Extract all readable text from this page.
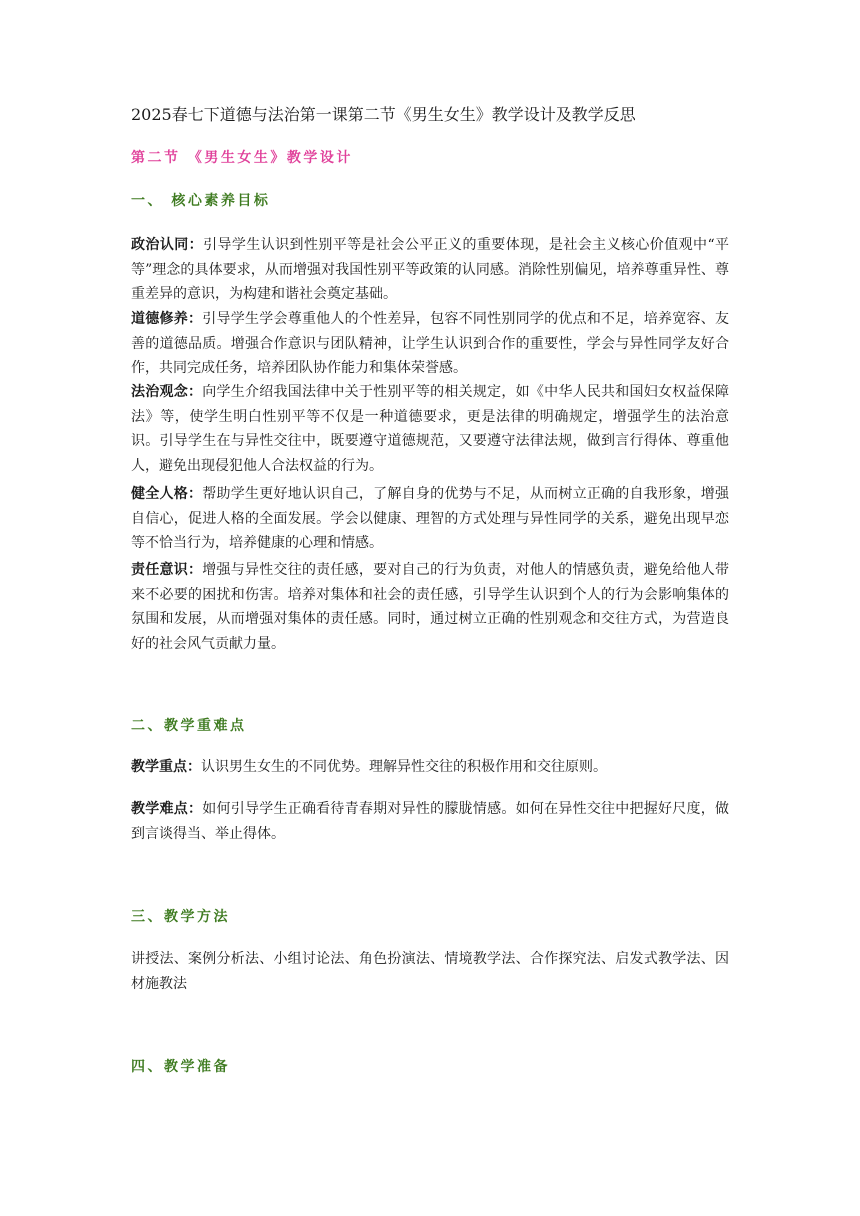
2025春七下道德与法治第一课第二节《男生女生》教学设计及教学反思
第二节 《男生女生》教学设计
一、 核心素养目标
政治认同：引导学生认识到性别平等是社会公平正义的重要体现，是社会主义核心价值观中“平等”理念的具体要求，从而增强对我国性别平等政策的认同感。消除性别偏见，培养尊重异性、尊重差异的意识，为构建和谐社会奠定基础。
道德修养：引导学生学会尊重他人的个性差异，包容不同性别同学的优点和不足，培养宽容、友善的道德品质。增强合作意识与团队精神，让学生认识到合作的重要性，学会与异性同学友好合作，共同完成任务，培养团队协作能力和集体荣誉感。
法治观念：向学生介绍我国法律中关于性别平等的相关规定，如《中华人民共和国妇女权益保障法》等，使学生明白性别平等不仅是一种道德要求，更是法律的明确规定，增强学生的法治意识。引导学生在与异性交往中，既要遵守道德规范，又要遵守法律法规，做到言行得体、尊重他人，避免出现侵犯他人合法权益的行为。
健全人格：帮助学生更好地认识自己，了解自身的优势与不足，从而树立正确的自我形象，增强自信心，促进人格的全面发展。学会以健康、理智的方式处理与异性同学的关系，避免出现早恋等不恰当行为，培养健康的心理和情感。
责任意识：增强与异性交往的责任感，要对自己的行为负责，对他人的情感负责，避免给他人带来不必要的困扰和伤害。培养对集体和社会的责任感，引导学生认识到个人的行为会影响集体的氛围和发展，从而增强对集体的责任感。同时，通过树立正确的性别观念和交往方式，为营造良好的社会风气贡献力量。
二、教学重难点
教学重点：认识男生女生的不同优势。理解异性交往的积极作用和交往原则。
教学难点：如何引导学生正确看待青春期对异性的朦胧情感。如何在异性交往中把握好尺度，做到言谈得当、举止得体。
三、教学方法
讲授法、案例分析法、小组讨论法、角色扮演法、情境教学法、合作探究法、启发式教学法、因材施教法
四、教学准备
